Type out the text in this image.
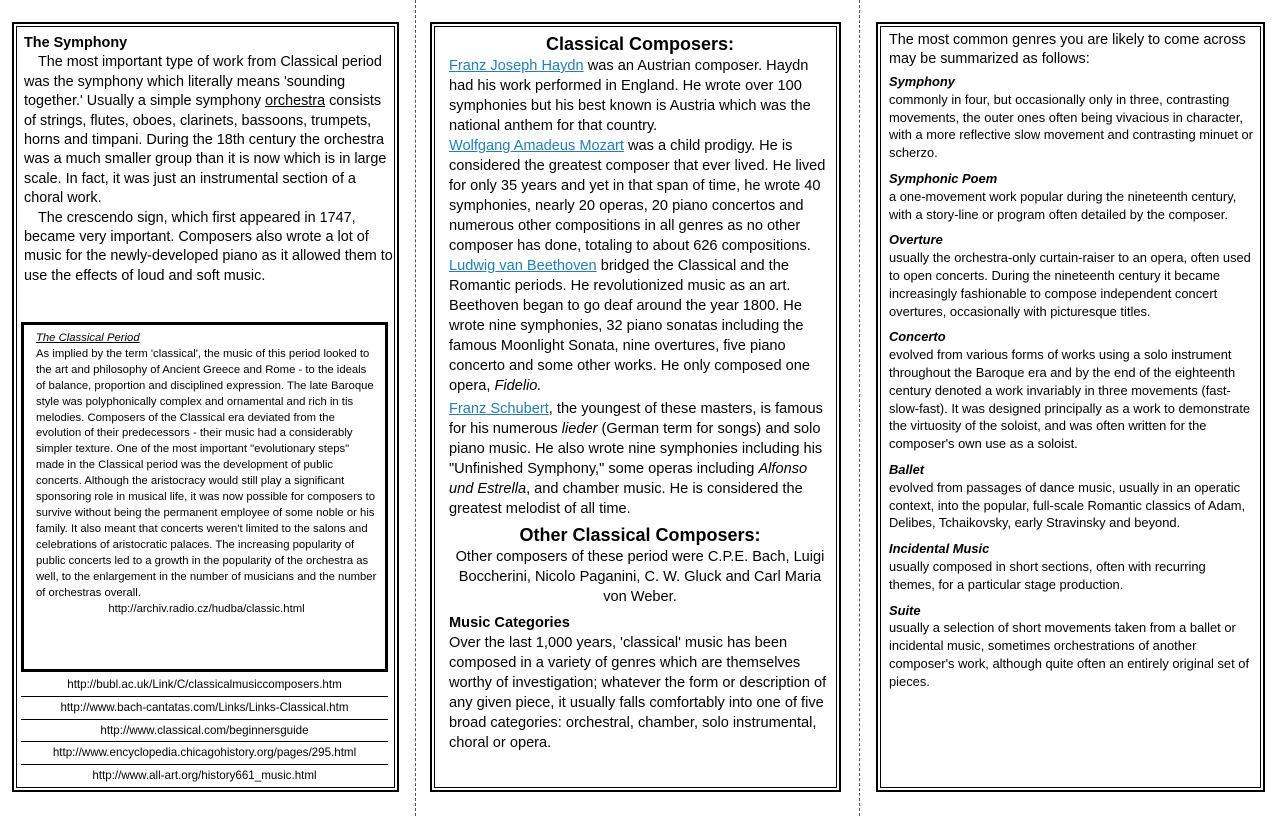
The Symphony

The most important type of work from Classical period was the symphony which literally means 'sounding together.' Usually a simple symphony orchestra consists of strings, flutes, oboes, clarinets, bassoons, trumpets, horns and timpani. During the 18th century the orchestra was a much smaller group than it is now which is in large scale. In fact, it was just an instrumental section of a choral work.

The crescendo sign, which first appeared in 1747, became very important. Composers also wrote a lot of music for the newly-developed piano as it allowed them to use the effects of loud and soft music.

The Classical Period
As implied by the term 'classical', the music of this period looked to the art and philosophy of Ancient Greece and Rome - to the ideals of balance, proportion and disciplined expression. The late Baroque style was polyphonically complex and ornamental and rich in tis melodies. Composers of the Classical era deviated from the evolution of their predecessors - their music had a considerably simpler texture. One of the most important "evolutionary steps" made in the Classical period was the development of public concerts. Although the aristocracy would still play a significant sponsoring role in musical life, it was now possible for composers to survive without being the permanent employee of some noble or his family. It also meant that concerts weren't limited to the salons and celebrations of aristocratic palaces. The increasing popularity of public concerts led to a growth in the popularity of the orchestra as well, to the enlargement in the number of musicians and the number of orchestras overall.
http://archiv.radio.cz/hudba/classic.html
http://bubl.ac.uk/Link/C/classicalmusiccomposers.htm
http://www.bach-cantatas.com/Links/Links-Classical.htm
http://www.classical.com/beginnersguide
http://www.encyclopedia.chicagohistory.org/pages/295.html
http://www.all-art.org/history661_music.html
Classical Composers:

Franz Joseph Haydn was an Austrian composer. Haydn had his work performed in England. He wrote over 100 symphonies but his best known is Austria which was the national anthem for that country.

Wolfgang Amadeus Mozart was a child prodigy. He is considered the greatest composer that ever lived. He lived for only 35 years and yet in that span of time, he wrote 40 symphonies, nearly 20 operas, 20 piano concertos and numerous other compositions in all genres as no other composer has done, totaling to about 626 compositions.

Ludwig van Beethoven bridged the Classical and the Romantic periods. He revolutionized music as an art. Beethoven began to go deaf around the year 1800. He wrote nine symphonies, 32 piano sonatas including the famous Moonlight Sonata, nine overtures, five piano concerto and some other works. He only composed one opera, Fidelio.

Franz Schubert, the youngest of these masters, is famous for his numerous lieder (German term for songs) and solo piano music. He also wrote nine symphonies including his "Unfinished Symphony," some operas including Alfonso und Estrella, and chamber music. He is considered the greatest melodist of all time.

Other Classical Composers:

Other composers of these period were C.P.E. Bach, Luigi Boccherini, Nicolo Paganini, C. W. Gluck and Carl Maria von Weber.

Music Categories

Over the last 1,000 years, 'classical' music has been composed in a variety of genres which are themselves worthy of investigation; whatever the form or description of any given piece, it usually falls comfortably into one of five broad categories: orchestral, chamber, solo instrumental, choral or opera.

The most common genres you are likely to come across may be summarized as follows:

Symphony
commonly in four, but occasionally only in three, contrasting movements, the outer ones often being vivacious in character, with a more reflective slow movement and contrasting minuet or scherzo.
Symphonic Poem
a one-movement work popular during the nineteenth century, with a story-line or program often detailed by the composer.
Overture
usually the orchestra-only curtain-raiser to an opera, often used to open concerts. During the nineteenth century it became increasingly fashionable to compose independent concert overtures, occasionally with picturesque titles.
Concerto
evolved from various forms of works using a solo instrument throughout the Baroque era and by the end of the eighteenth century denoted a work invariably in three movements (fast-slow-fast). It was designed principally as a work to demonstrate the virtuosity of the soloist, and was often written for the composer's own use as a soloist.
Ballet
evolved from passages of dance music, usually in an operatic context, into the popular, full-scale Romantic classics of Adam, Delibes, Tchaikovsky, early Stravinsky and beyond.
Incidental Music
usually composed in short sections, often with recurring themes, for a particular stage production.
Suite
usually a selection of short movements taken from a ballet or incidental music, sometimes orchestrations of another composer's work, although quite often an entirely original set of pieces.
